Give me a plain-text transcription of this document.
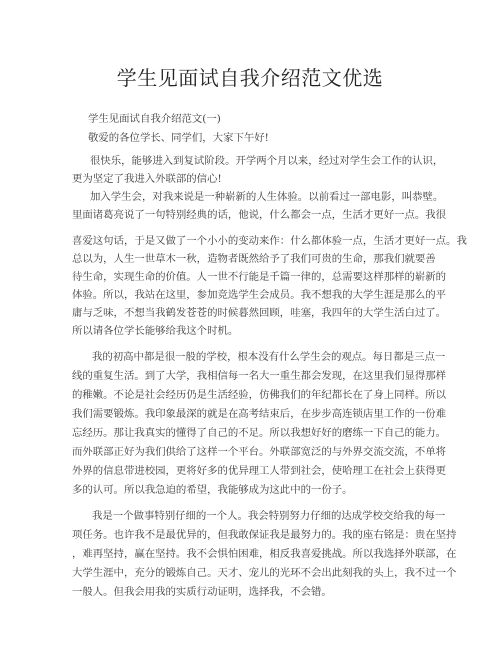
学生见面试自我介绍范文优选
学生见面试自我介绍范文(一)
敬爱的各位学长、同学们，大家下午好!
很快乐，能够进入到复试阶段。开学两个月以来，经过对学生会工作的认识，
更为坚定了我进入外联部的信心!
加入学生会，对我来说是一种崭新的人生体验。以前看过一部电影，叫恭壁。
里面诸葛亮说了一句特别经典的话，他说，什么都会一点，生活才更好一点。我很
喜爱这句话，于是又做了一个小小的变动来作：什么都体验一点，生活才更好一点。我
总以为，人生一世草木一秋，造物者既然给予了我们可贵的生命，那我们就要善
待生命，实现生命的价值。人一世不行能是千篇一律的，总需要这样那样的崭新的
体验。所以，我站在这里，参加竞选学生会成员。我不想我的大学生涯是那么的平
庸与乏味，不想当我鹤发苍苍的时候暮然回顾，哇塞，我四年的大学生活白过了。
所以请各位学长能够给我这个时机。
我的初高中都是很一般的学校，根本没有什么学生会的观点。每日都是三点一
线的重复生活。到了大学，我相信每一名大一重生都会发现，在这里我们显得那样
的稚嫩。不论是社会经历仍是生活经验，仿佛我们的年纪都长在了身上同样。所以
我们需要锻炼。我印象最深的就是在高考结束后，在步步高连锁店里工作的一份难
忘经历。那让我真实的懂得了自己的不足。所以我想好好的磨练一下自己的能力。
而外联部正好为我们供给了这样一个平台。外联部宽泛的与外界交流交流，不单将
外界的信息带进校园，更将好多的优异理工人带到社会，使哈理工在社会上获得更
多的认可。所以我急迫的希望，我能够成为这此中的一份子。
我是一个做事特别仔细的一个人。我会特别努力仔细的达成学校交给我的每一
项任务。也许我不是最优异的，但我敢保证我是最努力的。我的座右铭是：贵在坚持
，难再坚持，赢在坚持。我不会惧怕困难，相反我喜爱挑战。所以我选择外联部，在
大学生涯中，充分的锻炼自己。天才、宠儿的光环不会出此刻我的头上，我不过一个
一般人。但我会用我的实质行动证明，选择我，不会错。
